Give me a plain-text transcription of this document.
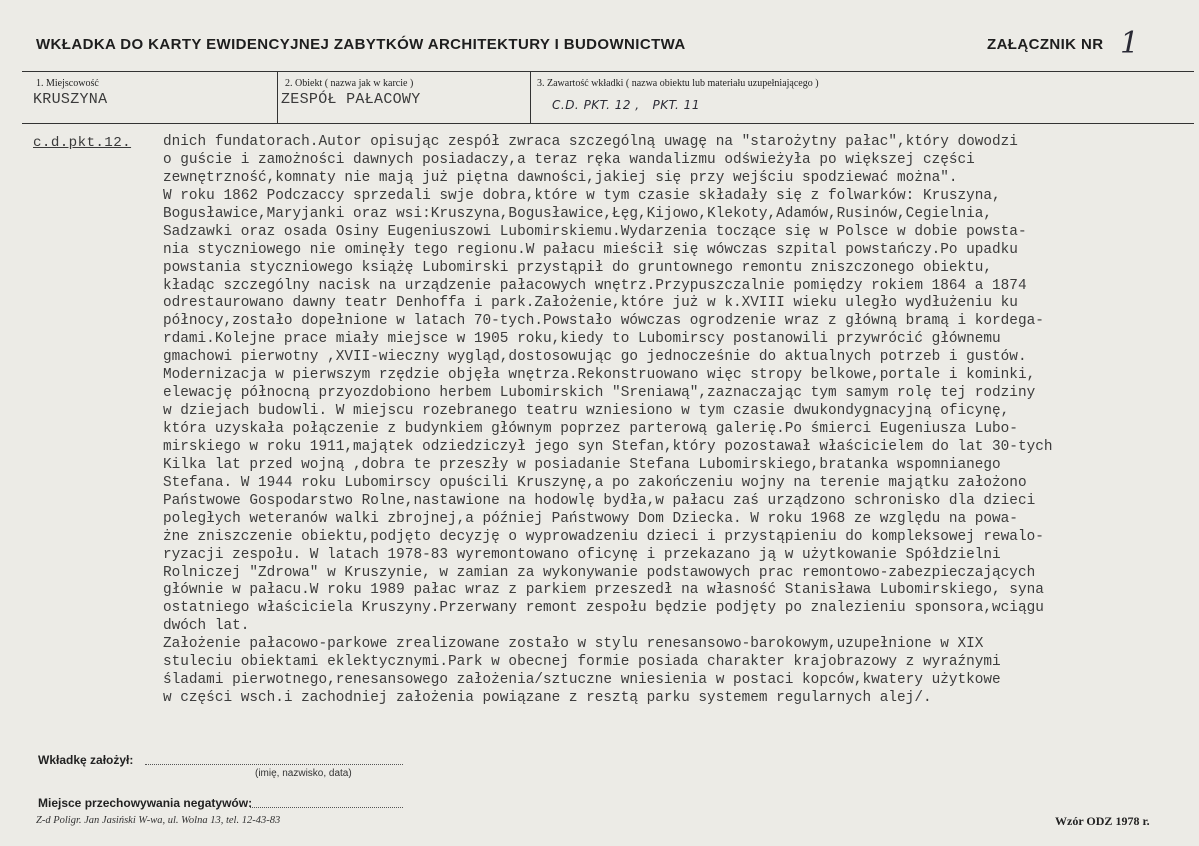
WKŁADKA DO KARTY EWIDENCYJNEJ ZABYTKÓW ARCHITEKTURY I BUDOWNICTWA	ZAŁĄCZNIK NR 1
1. Miejscowość
KRUSZYNA
2. Obiekt ( nazwa jak w karcie )
ZESPÓŁ PAŁACOWY
3. Zawartość wkładki ( nazwa obiektu lub materiału uzupełniającego )
C.D. PKT. 12 ,   PKT. 11
c.d.pkt.12. dnich fundatorach.Autor opisując zespół zwraca szczególną uwagę na "starożytny pałac",który dowodzi
o guście i zamożności dawnych posiadaczy,a teraz ręka wandalizmu odświeżyła po większej części
zewnętrzność,komnaty nie mają już piętna dawności,jakiej się przy wejściu spodziewać można".
W roku 1862 Podczaccy sprzedali swje dobra,które w tym czasie składały się z folwarków: Kruszyna,
Bogusławice,Maryjanki oraz wsi:Kruszyna,Bogusławice,Łęg,Kijowo,Klekoty,Adamów,Rusinów,Cegielnia,
Sadzawki oraz osada Osiny Eugeniuszowi Lubomirskiemu.Wydarzenia toczące się w Polsce w dobie powsta-
nia styczniowego nie ominęły tego regionu.W pałacu mieścił się wówczas szpital powstańczy.Po upadku
powstania styczniowego książę Lubomirski przystąpił do gruntownego remontu zniszczonego obiektu,
kładąc szczególny nacisk na urządzenie pałacowych wnętrz.Przypuszczalnie pomiędzy rokiem 1864 a 1874
odrestaurowano dawny teatr Denhoffa i park.Założenie,które już w k.XVIII wieku uległo wydłużeniu ku
północy,zostało dopełnione w latach 70-tych.Powstało wówczas ogrodzenie wraz z główną bramą i kordega-
rdami.Kolejne prace miały miejsce w 1905 roku,kiedy to Lubomirscy postanowili przywrócić głównemu
gmachowi pierwotny ,XVII-wieczny wygląd,dostosowując go jednocześnie do aktualnych potrzeb i gustów.
Modernizacja w pierwszym rzędzie objęła wnętrza.Rekonstruowano więc stropy belkowe,portale i kominki,
elewację północną przyozdobiono herbem Lubomirskich "Sreniawą",zaznaczając tym samym rolę tej rodziny
w dziejach budowli. W miejscu rozebranego teatru wzniesiono w tym czasie dwukondygnacyjną oficynę,
która uzyskała połączenie z budynkiem głównym poprzez parterową galerię.Po śmierci Eugeniusza Lubo-
mirskiego w roku 1911,majątek odziedziczył jego syn Stefan,który pozostawał właścicielem do lat 30-tych
Kilka lat przed wojną ,dobra te przeszły w posiadanie Stefana Lubomirskiego,bratanka wspomnianego
Stefana. W 1944 roku Lubomirscy opuścili Kruszynę,a po zakończeniu wojny na terenie majątku założono
Państwowe Gospodarstwo Rolne,nastawione na hodowlę bydła,w pałacu zaś urządzono schronisko dla dzieci
poległych weteranów walki zbrojnej,a później Państwowy Dom Dziecka. W roku 1968 ze względu na powa-
żne zniszczenie obiektu,podjęto decyzję o wyprowadzeniu dzieci i przystąpieniu do kompleksowej rewalo-
ryzacji zespołu. W latach 1978-83 wyremontowano oficynę i przekazano ją w użytkowanie Spółdzielni
Rolniczej "Zdrowa" w Kruszynie, w zamian za wykonywanie podstawowych prac remontowo-zabezpieczających
głównie w pałacu.W roku 1989 pałac wraz z parkiem przeszedł na własność Stanisława Lubomirskiego, syna
ostatniego właściciela Kruszyny.Przerwany remont zespołu będzie podjęty po znalezieniu sponsora,wciągu
dwóch lat.
Założenie pałacowo-parkowe zrealizowane zostało w stylu renesansowo-barokowym,uzupełnione w XIX
stuleciu obiektami eklektycznymi.Park w obecnej formie posiada charakter krajobrazowy z wyraźnymi
śladami pierwotnego,renesansowego założenia/sztuczne wniesienia w postaci kopców,kwatery użytkowe
w części wsch.i zachodniej założenia powiązane z resztą parku systemem regularnych alej/.
Wkładkę założył:
(imię, nazwisko, data)
Miejsce przechowywania negatywów:
Z-d Poligr. Jan Jasiński W-wa, ul. Wolna 13, tel. 12-43-83	Wzór ODZ 1978 r.
